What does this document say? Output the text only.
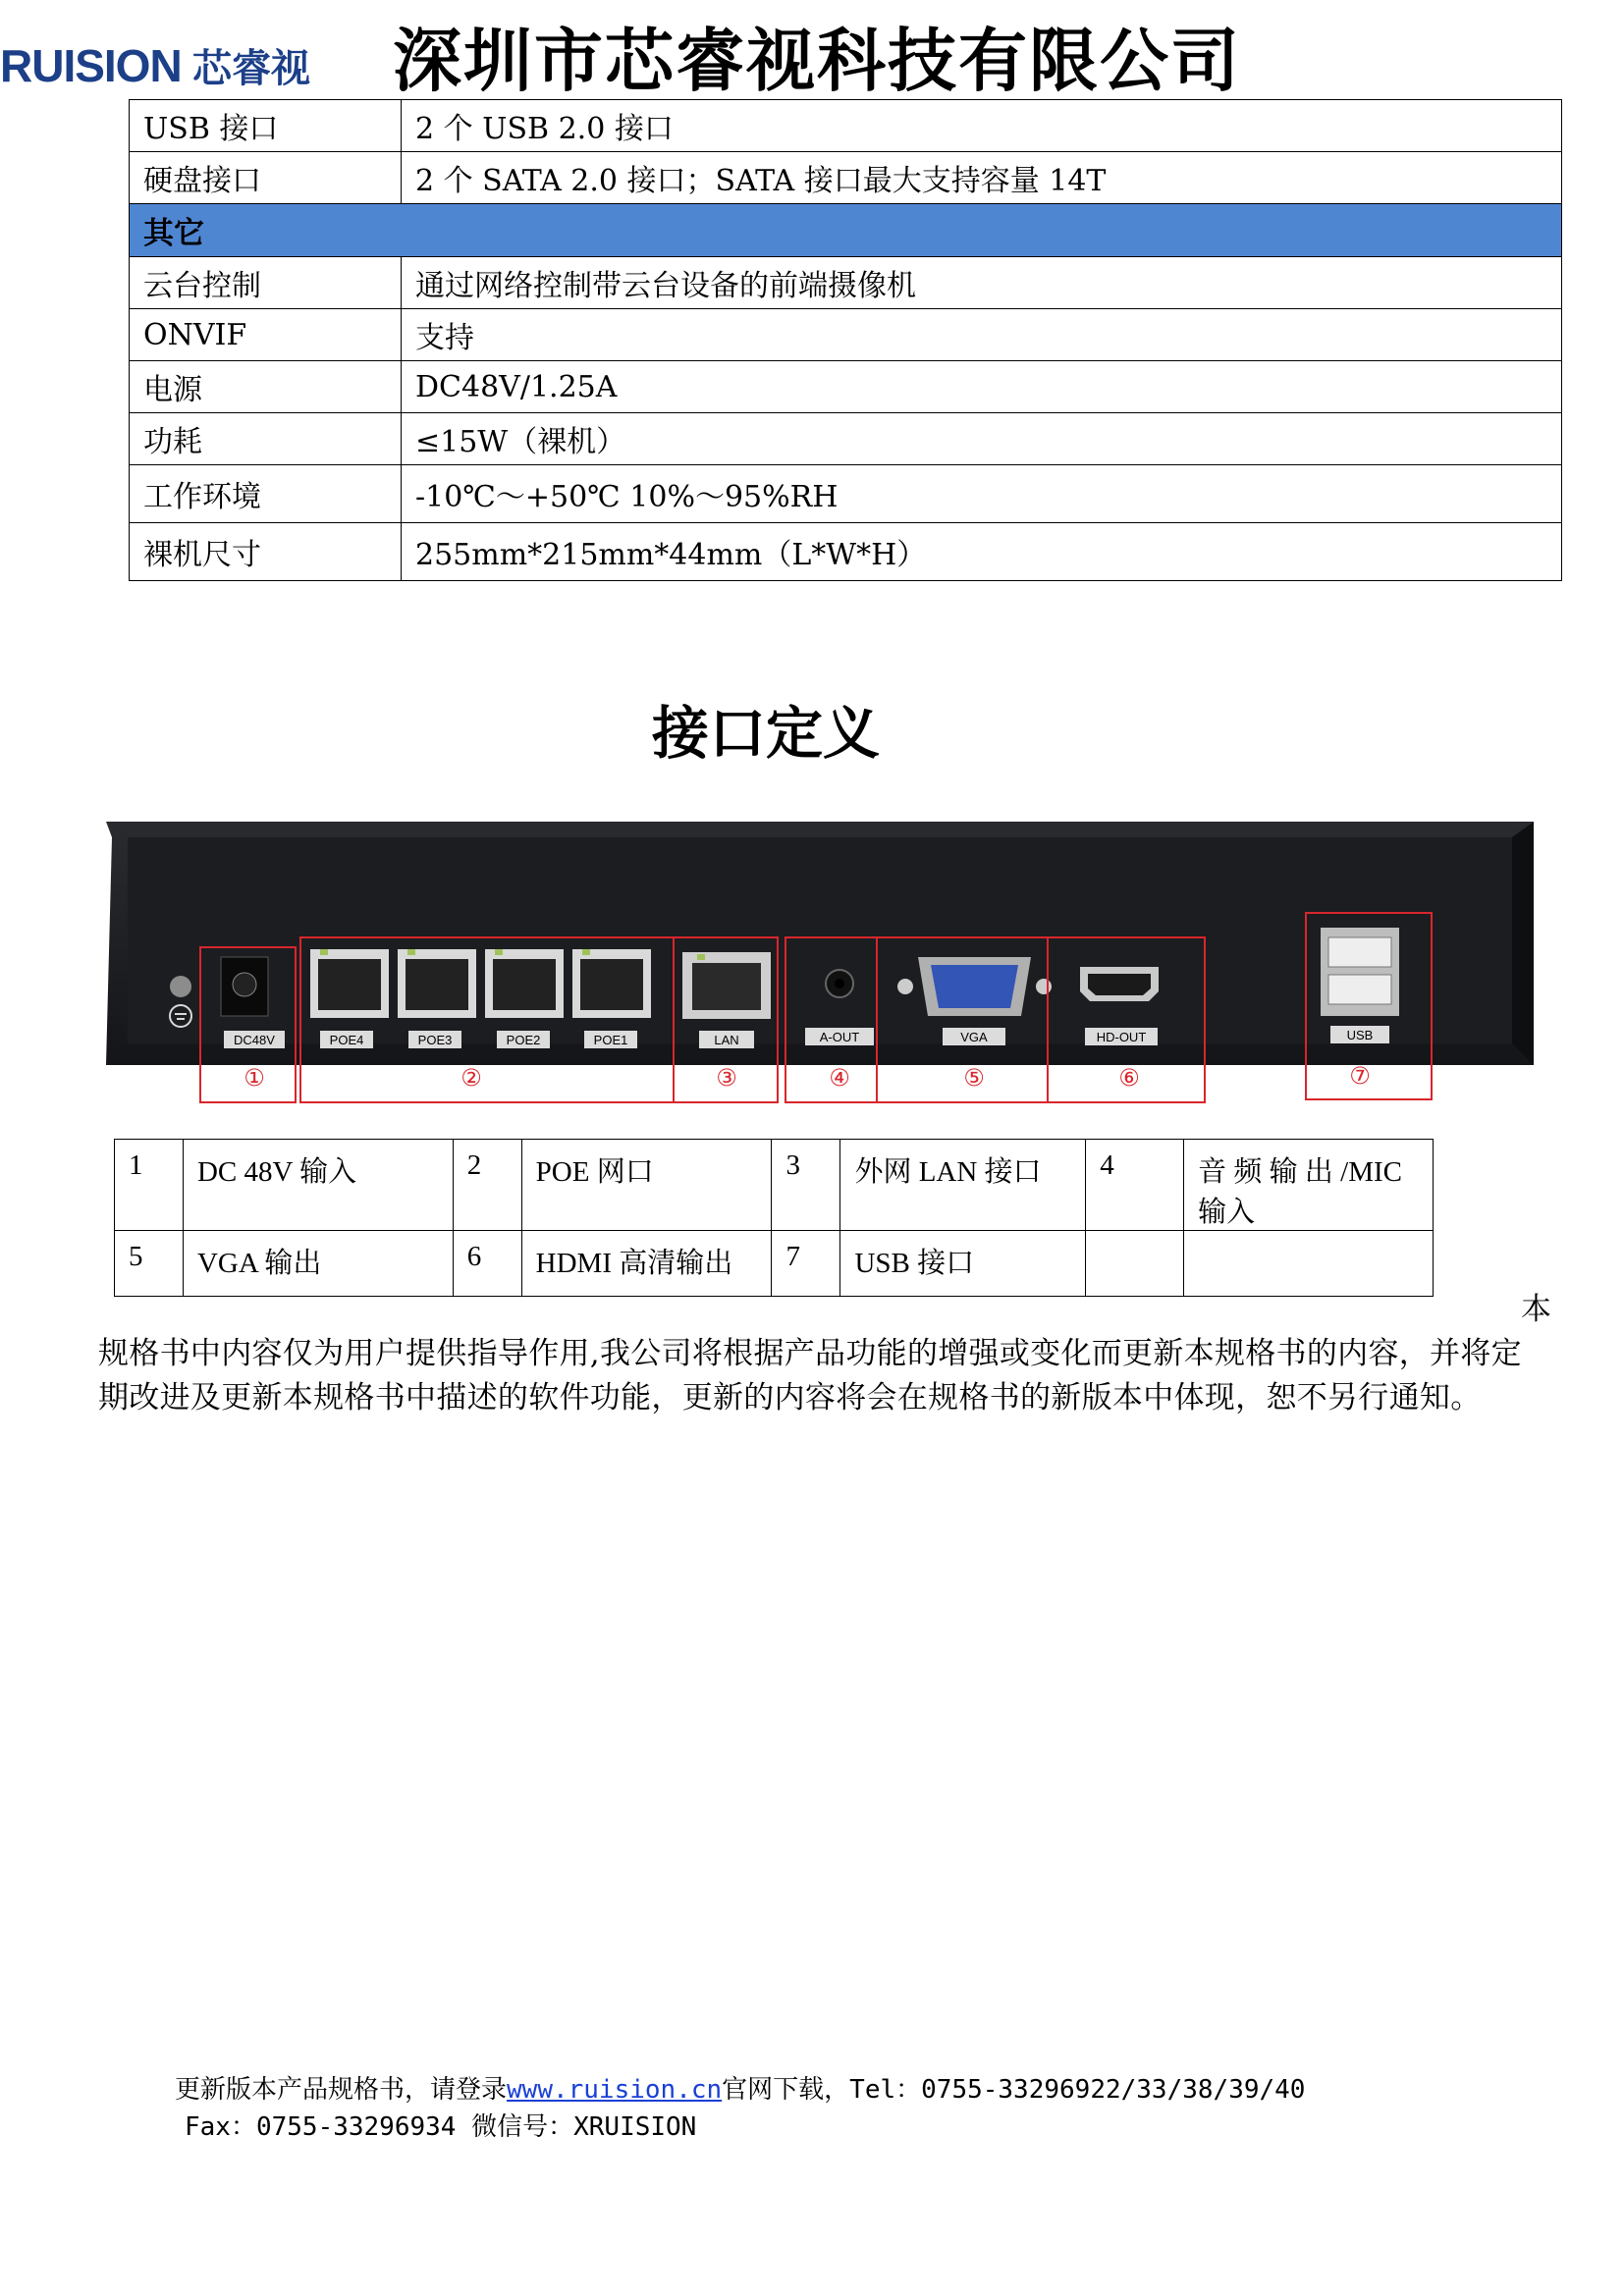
RUISION 芯睿视 深圳市芯睿视科技有限公司
USB 接口	2 个 USB 2.0 接口
硬盘接口	2 个 SATA 2.0 接口；SATA 接口最大支持容量 14T
其它	
云台控制	通过网络控制带云台设备的前端摄像机
ONVIF	支持
电源	DC48V/1.25A
功耗	≤15W（裸机）
工作环境	-10℃～+50℃ 10%～95%RH
裸机尺寸	255mm*215mm*44mm（L*W*H）
接口定义
DC48V	POE4	POE3	POE2	POE1	LAN	A-OUT	VGA	HD-OUT	USB
①	②	③	④	⑤	⑥	⑦
1	DC 48V 输入	2	POE 网口	3	外网 LAN 接口	4	音 频 输 出 /MIC 输入
5	VGA 输出	6	HDMI 高清输出	7	USB 接口		
本

规格书中内容仅为用户提供指导作用,我公司将根据产品功能的增强或变化而更新本规格书的内容，并将定期改进及更新本规格书中描述的软件功能，更新的内容将会在规格书的新版本中体现，恕不另行通知。

更新版本产品规格书，请登录www.ruision.cn官网下载，Tel：0755-33296922/33/38/39/40
Fax：0755-33296934 微信号：XRUISION
